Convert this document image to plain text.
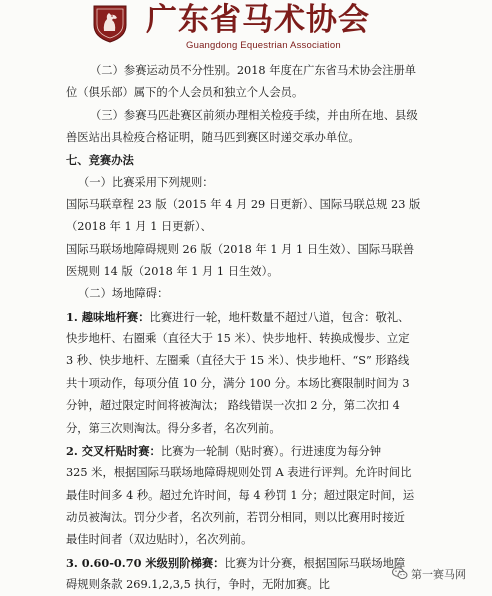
广东省马术协会
Guangdong Equestrian Association
（二）参赛运动员不分性别。2018 年度在广东省马术协会注册单
位（俱乐部）属下的个人会员和独立个人会员。
（三）参赛马匹赴赛区前须办理相关检疫手续，并由所在地、县级
兽医站出具检疫合格证明，随马匹到赛区时递交承办单位。
七、竞赛办法
（一）比赛采用下列规则：
国际马联章程 23 版（2015 年 4 月 29 日更新）、国际马联总规 23 版
（2018 年 1 月 1 日更新）、
国际马联场地障碍规则 26 版（2018 年 1 月 1 日生效）、国际马联兽
医规则 14 版（2018 年 1 月 1 日生效）。
（二）场地障碍：
1. 趣味地杆赛：比赛进行一轮，地杆数量不超过八道，包含：敬礼、
快步地杆、右圈乘（直径大于 15 米）、快步地杆、转换成慢步、立定
3 秒、快步地杆、左圈乘（直径大于 15 米）、快步地杆、“S” 形路线
共十项动作，每项分值 10 分，满分 100 分。本场比赛限制时间为 3
分钟，超过限定时间将被淘汰； 路线错误一次扣 2 分，第二次扣 4
分，第三次则淘汰。得分多者，名次列前。
2. 交叉杆贴时赛：比赛为一轮制（贴时赛）。行进速度为每分钟
325 米，根据国际马联场地障碍规则处罚 A 表进行评判。允许时间比
最佳时间多 4 秒。超过允许时间，每 4 秒罚 1 分；超过限定时间，运
动员被淘汰。罚分少者，名次列前，若罚分相同，则以比赛用时接近
最佳时间者（双边贴时），名次列前。
3. 0.60-0.70 米级别阶梯赛：比赛为计分赛，根据国际马联场地障
碍规则条款 269.1,2,3,5 执行，争时，无附加赛。比
第一赛马网
